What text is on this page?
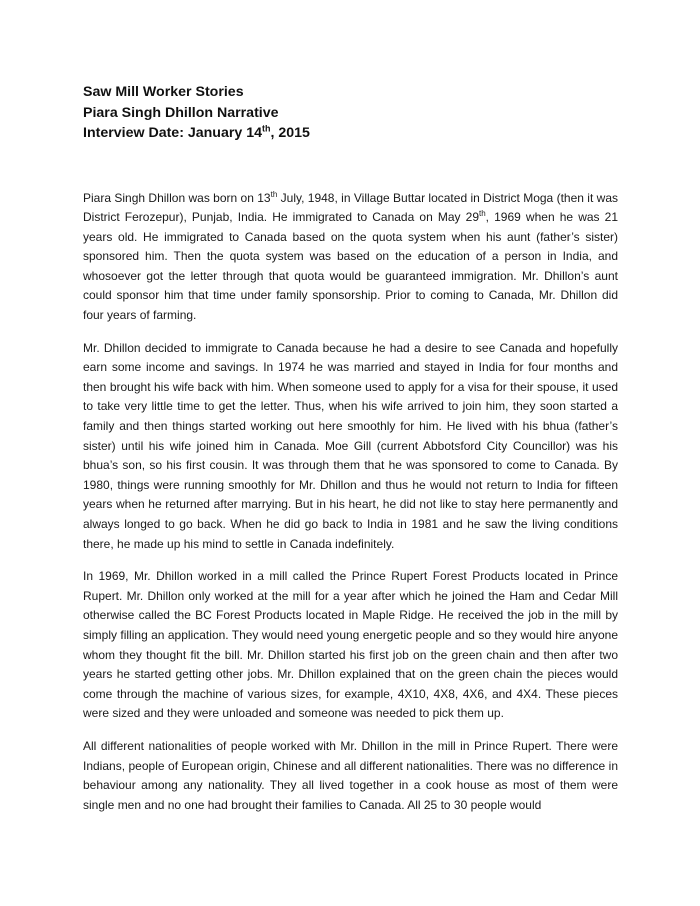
Saw Mill Worker Stories

Piara Singh Dhillon Narrative

Interview Date: January 14th, 2015

Piara Singh Dhillon was born on 13th July, 1948, in Village Buttar located in District Moga (then it was District Ferozepur), Punjab, India. He immigrated to Canada on May 29th, 1969 when he was 21 years old. He immigrated to Canada based on the quota system when his aunt (father’s sister) sponsored him. Then the quota system was based on the education of a person in India, and whosoever got the letter through that quota would be guaranteed immigration. Mr. Dhillon’s aunt could sponsor him that time under family sponsorship. Prior to coming to Canada, Mr. Dhillon did four years of farming.

Mr. Dhillon decided to immigrate to Canada because he had a desire to see Canada and hopefully earn some income and savings. In 1974 he was married and stayed in India for four months and then brought his wife back with him. When someone used to apply for a visa for their spouse, it used to take very little time to get the letter. Thus, when his wife arrived to join him, they soon started a family and then things started working out here smoothly for him. He lived with his bhua (father’s sister) until his wife joined him in Canada. Moe Gill (current Abbotsford City Councillor) was his bhua’s son, so his first cousin. It was through them that he was sponsored to come to Canada. By 1980, things were running smoothly for Mr. Dhillon and thus he would not return to India for fifteen years when he returned after marrying. But in his heart, he did not like to stay here permanently and always longed to go back. When he did go back to India in 1981 and he saw the living conditions there, he made up his mind to settle in Canada indefinitely.

In 1969, Mr. Dhillon worked in a mill called the Prince Rupert Forest Products located in Prince Rupert. Mr. Dhillon only worked at the mill for a year after which he joined the Ham and Cedar Mill otherwise called the BC Forest Products located in Maple Ridge. He received the job in the mill by simply filling an application. They would need young energetic people and so they would hire anyone whom they thought fit the bill. Mr. Dhillon started his first job on the green chain and then after two years he started getting other jobs. Mr. Dhillon explained that on the green chain the pieces would come through the machine of various sizes, for example, 4X10, 4X8, 4X6, and 4X4. These pieces were sized and they were unloaded and someone was needed to pick them up.

All different nationalities of people worked with Mr. Dhillon in the mill in Prince Rupert. There were Indians, people of European origin, Chinese and all different nationalities. There was no difference in behaviour among any nationality. They all lived together in a cook house as most of them were single men and no one had brought their families to Canada. All 25 to 30 people would
